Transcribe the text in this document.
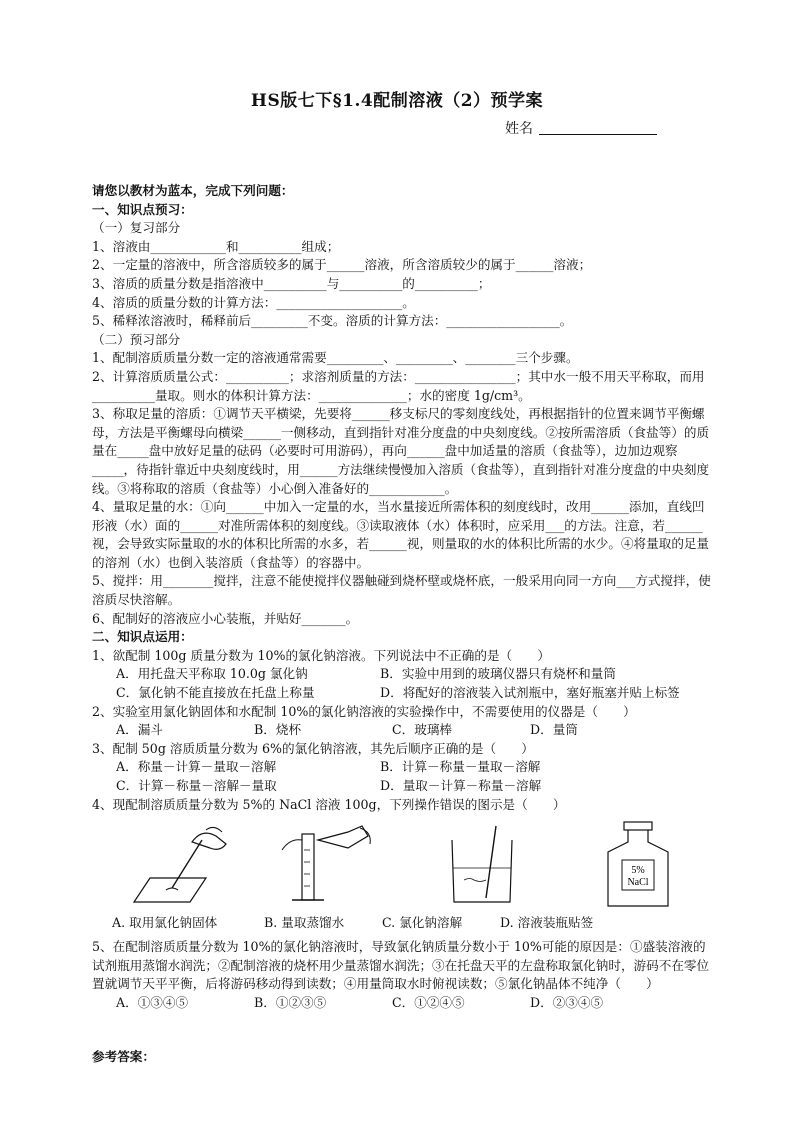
HS版七下§1.4配制溶液（2）预学案
姓名

请您以教材为蓝本，完成下列问题：

一、知识点预习：

（一）复习部分

1、溶液由____________和__________组成；

2、一定量的溶液中，所含溶质较多的属于______溶液，所含溶质较少的属于______溶液；

3、溶质的质量分数是指溶液中__________与__________的__________；

4、溶质的质量分数的计算方法：____________________。

5、稀释浓溶液时，稀释前后_________不变。溶质的计算方法：__________________。

（二）预习部分

1、配制溶质质量分数一定的溶液通常需要_________、_________、________三个步骤。

2、计算溶质质量公式：__________；求溶剂质量的方法：________________；其中水一般不用天平称取，而用__________量取。则水的体积计算方法：______________；水的密度 1g/cm³。

3、称取足量的溶质：①调节天平横梁，先要将______移支标尺的零刻度线处，再根据指针的位置来调节平衡螺母，方法是平衡螺母向横梁______一侧移动，直到指针对准分度盘的中央刻度线。②按所需溶质（食盐等）的质量在_____盘中放好足量的砝码（必要时可用游码），再向______盘中加适量的溶质（食盐等），边加边观察_____，待指针靠近中央刻度线时，用______方法继续慢慢加入溶质（食盐等），直到指针对准分度盘的中央刻度线。③将称取的溶质（食盐等）小心倒入准备好的____________。

4、量取足量的水：①向______中加入一定量的水，当水量接近所需体积的刻度线时，改用______添加，直线凹形液（水）面的______对准所需体积的刻度线。③读取液体（水）体积时，应采用___的方法。注意，若______视，会导致实际量取的水的体积比所需的水多，若______视，则量取的水的体积比所需的水少。④将量取的足量的溶剂（水）也倒入装溶质（食盐等）的容器中。

5、搅拌：用________搅拌，注意不能使搅拌仪器触碰到烧杯壁或烧杯底，一般采用向同一方向___方式搅拌，使溶质尽快溶解。

6、配制好的溶液应小心装瓶，并贴好_______。

二、知识点运用：

1、欲配制 100g 质量分数为 10%的氯化钠溶液。下列说法中不正确的是（　　）

A．用托盘天平称取 10.0g 氯化钠	B．实验中用到的玻璃仪器只有烧杯和量筒

C．氯化钠不能直接放在托盘上称量	D．将配好的溶液装入试剂瓶中，塞好瓶塞并贴上标签

2、实验室用氯化钠固体和水配制 10%的氯化钠溶液的实验操作中，不需要使用的仪器是（　　）

A．漏斗	B．烧杯	C．玻璃棒	D．量筒

3、配制 50g 溶质质量分数为 6%的氯化钠溶液，其先后顺序正确的是（　　）

A．称量－计算－量取－溶解	B．计算－称量－量取－溶解

C．计算－称量－溶解－量取	D．量取－计算－称量－溶解

4、现配制溶质质量分数为 5%的 NaCl 溶液 100g，下列操作错误的图示是（　　）

5%
NaCl
A. 取用氯化钠固体	B. 量取蒸馏水	C. 氯化钠溶解	D. 溶液装瓶贴签

5、在配制溶质质量分数为 10%的氯化钠溶液时，导致氯化钠质量分数小于 10%可能的原因是：①盛装溶液的试剂瓶用蒸馏水润洗；②配制溶液的烧杯用少量蒸馏水润洗；③在托盘天平的左盘称取氯化钠时，游码不在零位置就调节天平平衡，后将游码移动得到读数；④用量筒取水时俯视读数；⑤氯化钠晶体不纯净（　　）

A．①③④⑤	B．①②③⑤	C．①②④⑤	D．②③④⑤

参考答案：
